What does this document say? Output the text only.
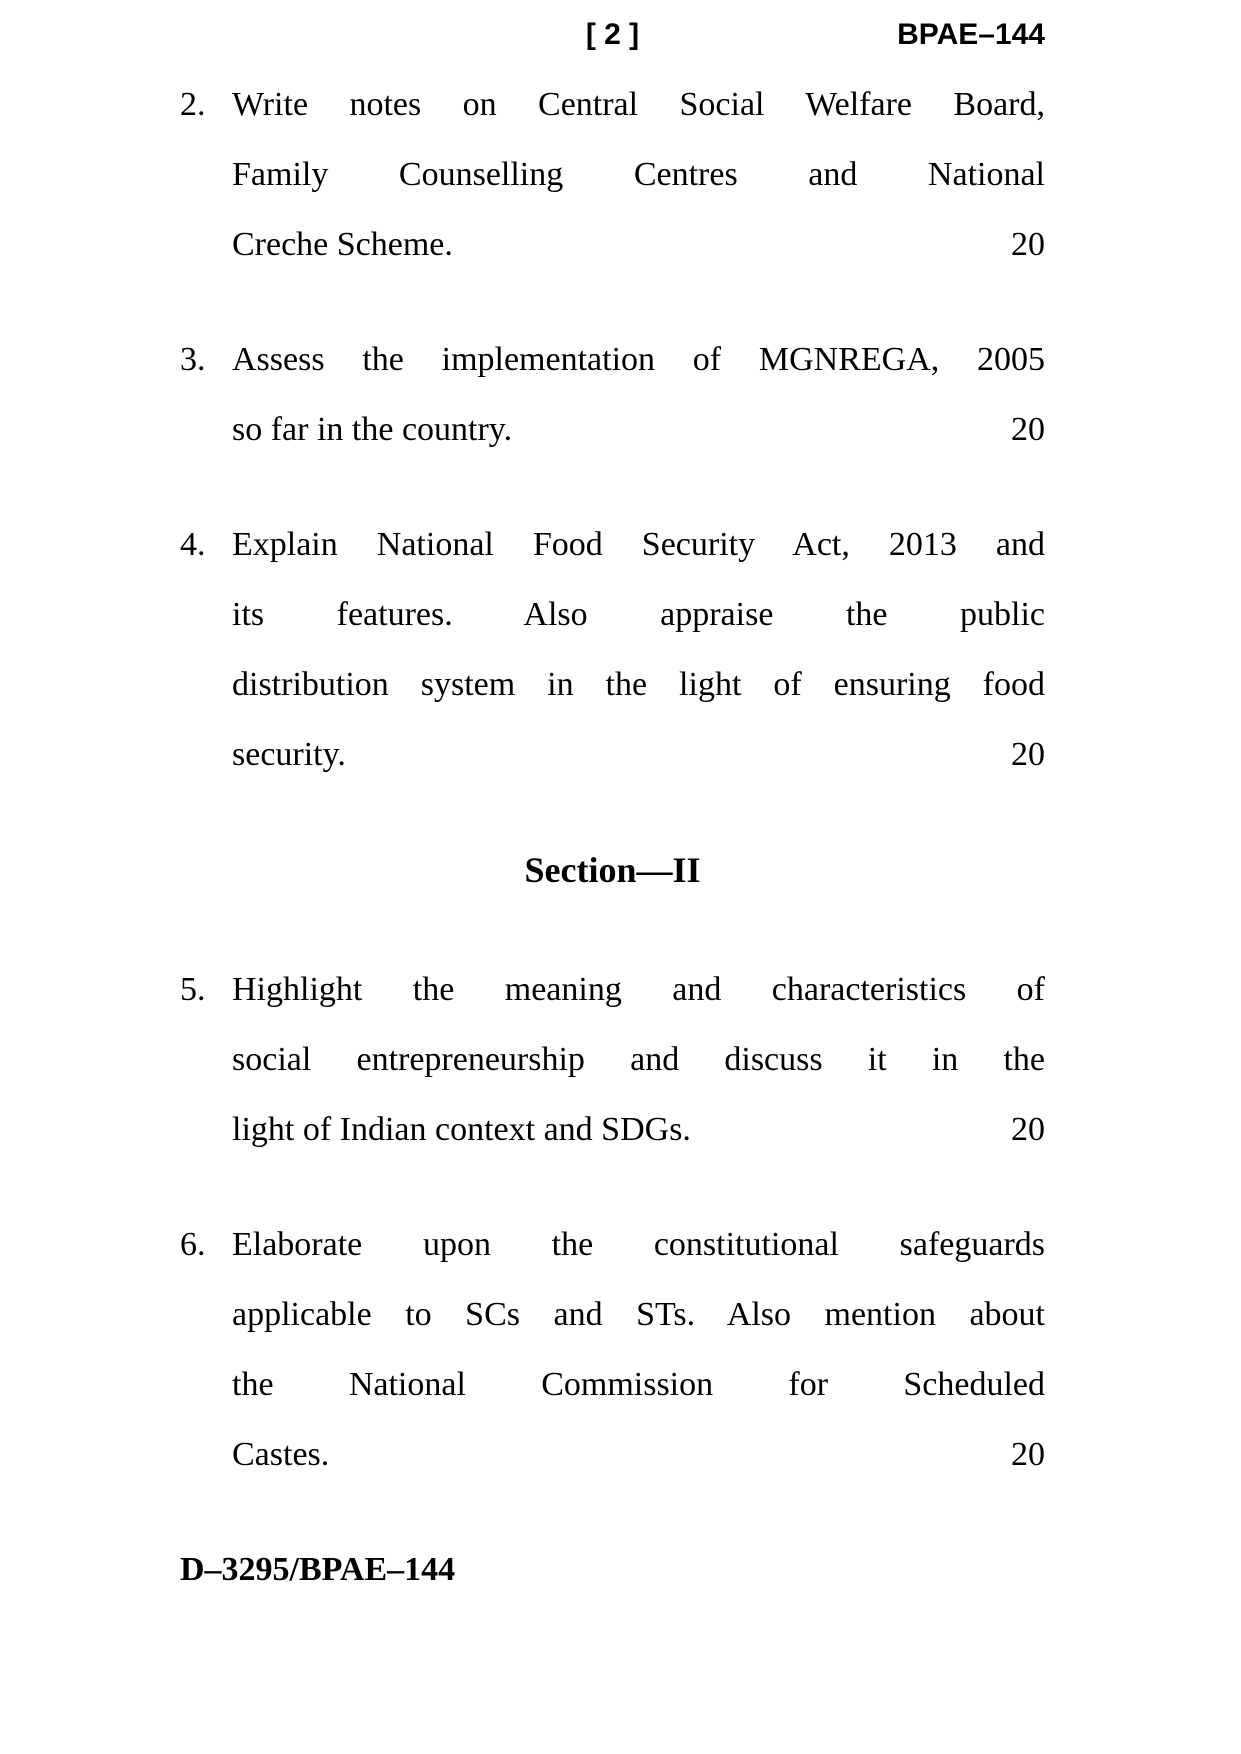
[ 2 ]	BPAE–144
2. Write notes on Central Social Welfare Board,
Family Counselling Centres and National
Creche Scheme.	20
3. Assess the implementation of MGNREGA, 2005
so far in the country.	20
4. Explain National Food Security Act, 2013 and
its features. Also appraise the public
distribution system in the light of ensuring food
security.	20
Section—II
5. Highlight the meaning and characteristics of
social entrepreneurship and discuss it in the
light of Indian context and SDGs.	20
6. Elaborate upon the constitutional safeguards
applicable to SCs and STs. Also mention about
the National Commission for Scheduled
Castes.	20
D–3295/BPAE–144
